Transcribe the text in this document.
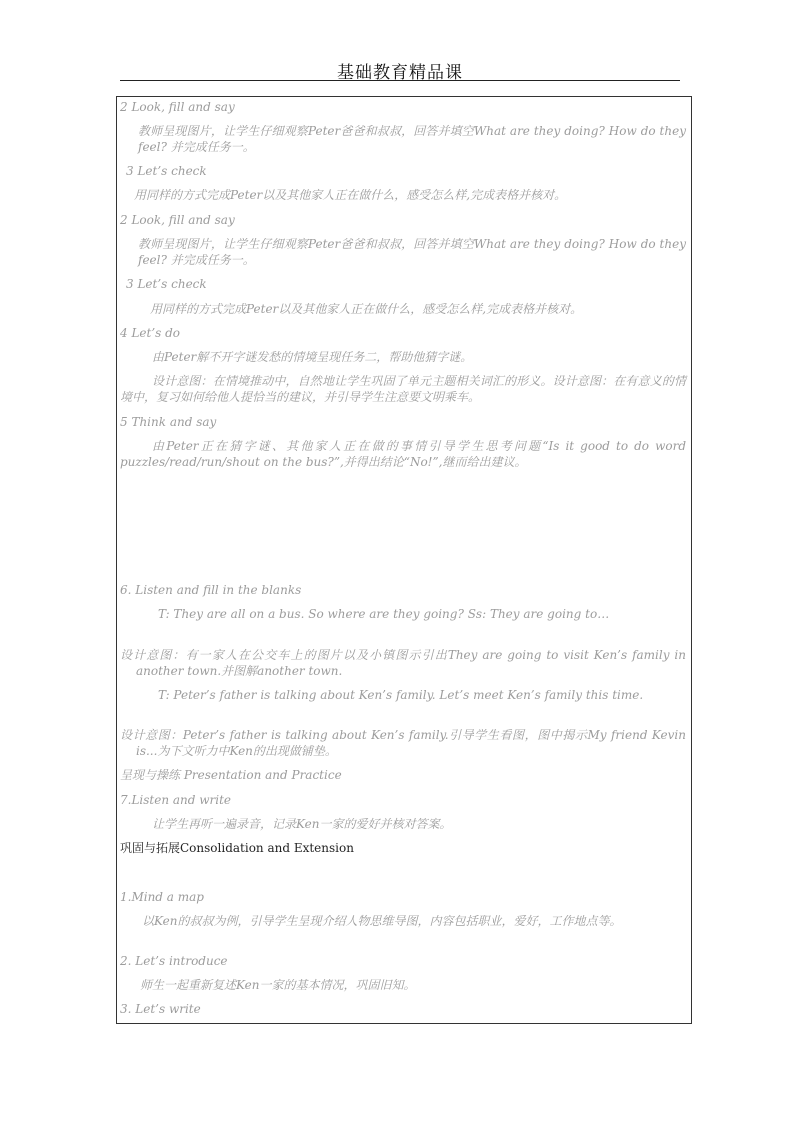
基础教育精品课
2 Look, fill and say
教师呈现图片，让学生仔细观察Peter爸爸和叔叔，回答并填空What are they doing? How do they feel? 并完成任务一。
3 Let’s check
用同样的方式完成Peter以及其他家人正在做什么，感受怎么样,完成表格并核对。
2 Look, fill and say
教师呈现图片，让学生仔细观察Peter爸爸和叔叔，回答并填空What are they doing? How do they feel? 并完成任务一。
3 Let’s check
用同样的方式完成Peter以及其他家人正在做什么，感受怎么样,完成表格并核对。
4 Let’s do
由Peter解不开字谜发愁的情境呈现任务二，帮助他猜字谜。
设计意图：在情境推动中，自然地让学生巩固了单元主题相关词汇的形义。设计意图：在有意义的情境中，复习如何给他人提恰当的建议，并引导学生注意要文明乘车。
5 Think and say
由Peter正在猜字谜、其他家人正在做的事情引导学生思考问题“Is it good to do word puzzles/read/run/shout on the bus?”,并得出结论“No!”,继而给出建议。
6. Listen and fill in the blanks
T: They are all on a bus. So where are they going? Ss: They are going to…
设计意图：有一家人在公交车上的图片以及小镇图示引出They are going to visit Ken’s family in another town.并图解another town.
T: Peter’s father is talking about Ken’s family. Let’s meet Ken’s family this time.
设计意图：Peter’s father is talking about Ken’s family.引导学生看图，图中揭示My friend Kevin is...为下文听力中Ken的出现做铺垫。
呈现与操练 Presentation and Practice
7.Listen and write
让学生再听一遍录音，记录Ken一家的爱好并核对答案。
巩固与拓展Consolidation and Extension
1.Mind a map
以Ken的叔叔为例，引导学生呈现介绍人物思维导图，内容包括职业，爱好，工作地点等。
2. Let’s introduce
师生一起重新复述Ken一家的基本情况，巩固旧知。
3. Let’s write
